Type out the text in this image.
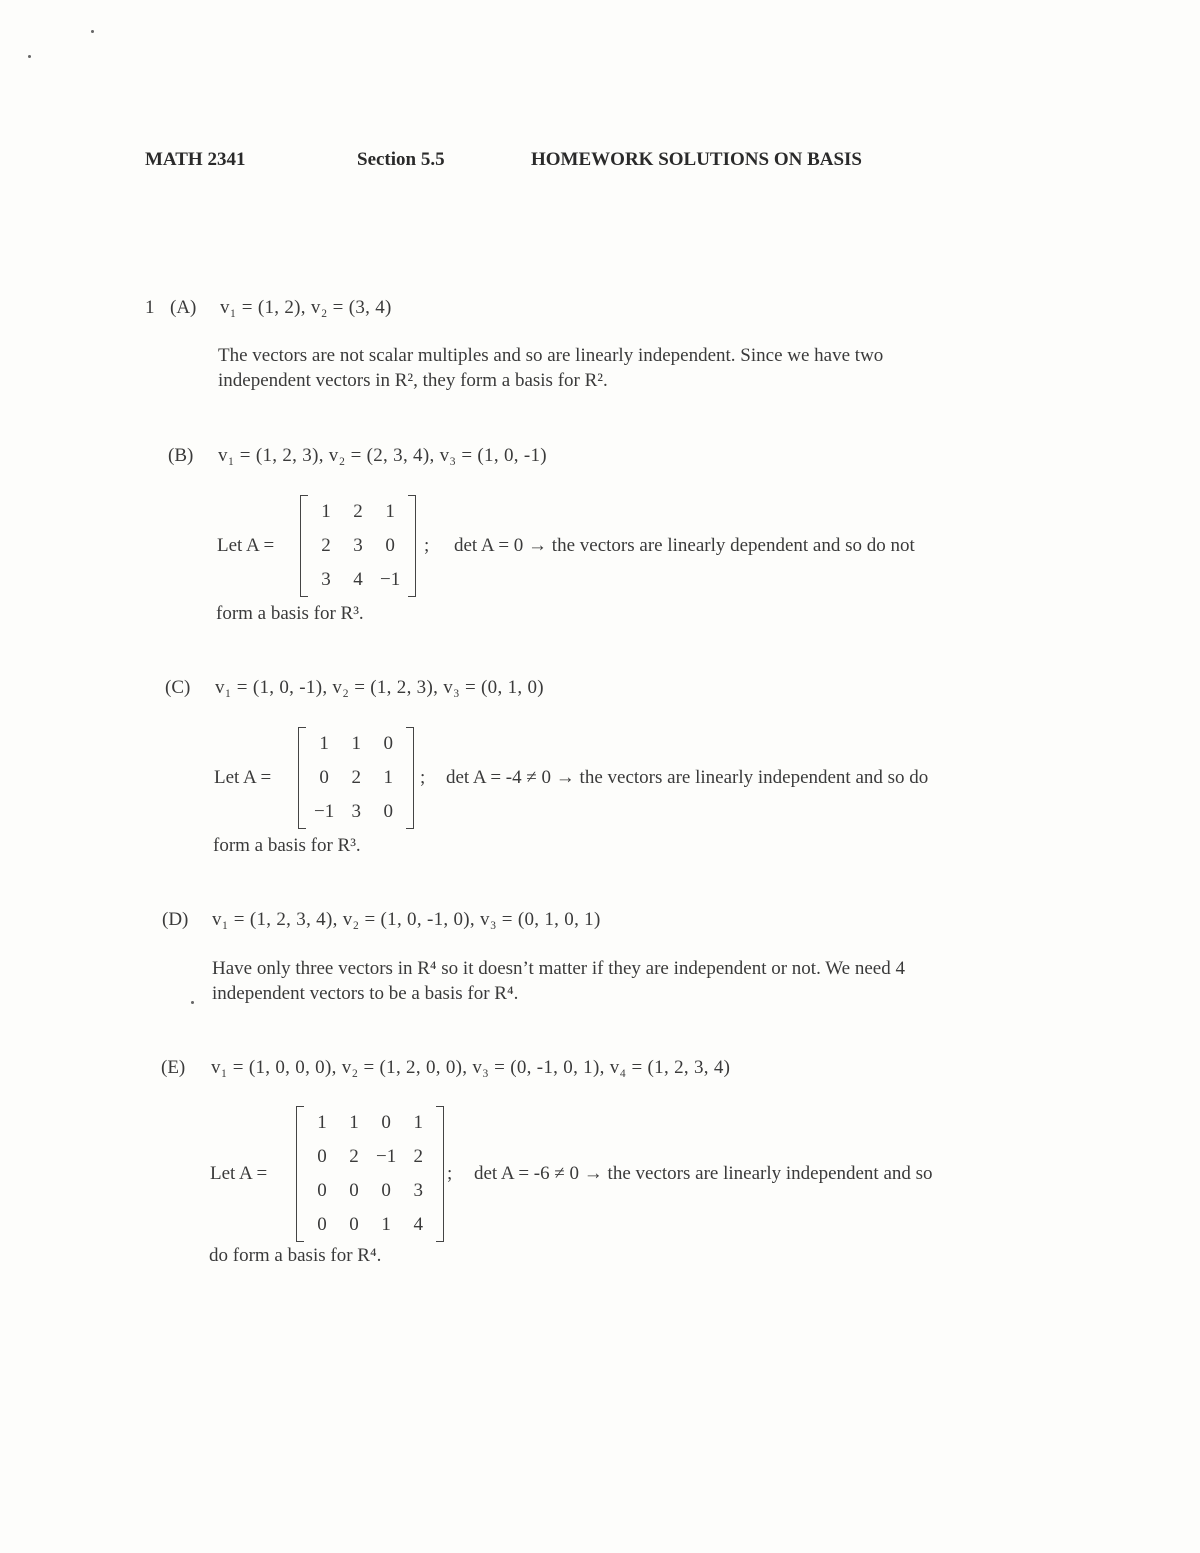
MATH 2341	Section 5.5	HOMEWORK SOLUTIONS ON BASIS
1 (A) v₁ = (1, 2), v₂ = (3, 4)
The vectors are not scalar multiples and so are linearly independent. Since we have two
independent vectors in R², they form a basis for R².
(B) v₁ = (1, 2, 3), v₂ = (2, 3, 4), v₃ = (1, 0, -1)
Let A =
1	2	1
2	3	0
3	4	−1
; det A = 0 → the vectors are linearly dependent and so do not
form a basis for R³.
(C) v₁ = (1, 0, -1), v₂ = (1, 2, 3), v₃ = (0, 1, 0)
Let A =
1	1	0
0	2	1
−1	3	0
; det A = -4 ≠ 0 → the vectors are linearly independent and so do
form a basis for R³.
(D) v₁ = (1, 2, 3, 4), v₂ = (1, 0, -1, 0), v₃ = (0, 1, 0, 1)
Have only three vectors in R⁴ so it doesn’t matter if they are independent or not. We need 4
independent vectors to be a basis for R⁴.
(E) v₁ = (1, 0, 0, 0), v₂ = (1, 2, 0, 0), v₃ = (0, -1, 0, 1), v₄ = (1, 2, 3, 4)
Let A =
1	1	0	1
0	2	−1	2
0	0	0	3
0	0	1	4
; det A = -6 ≠ 0 → the vectors are linearly independent and so
do form a basis for R⁴.
